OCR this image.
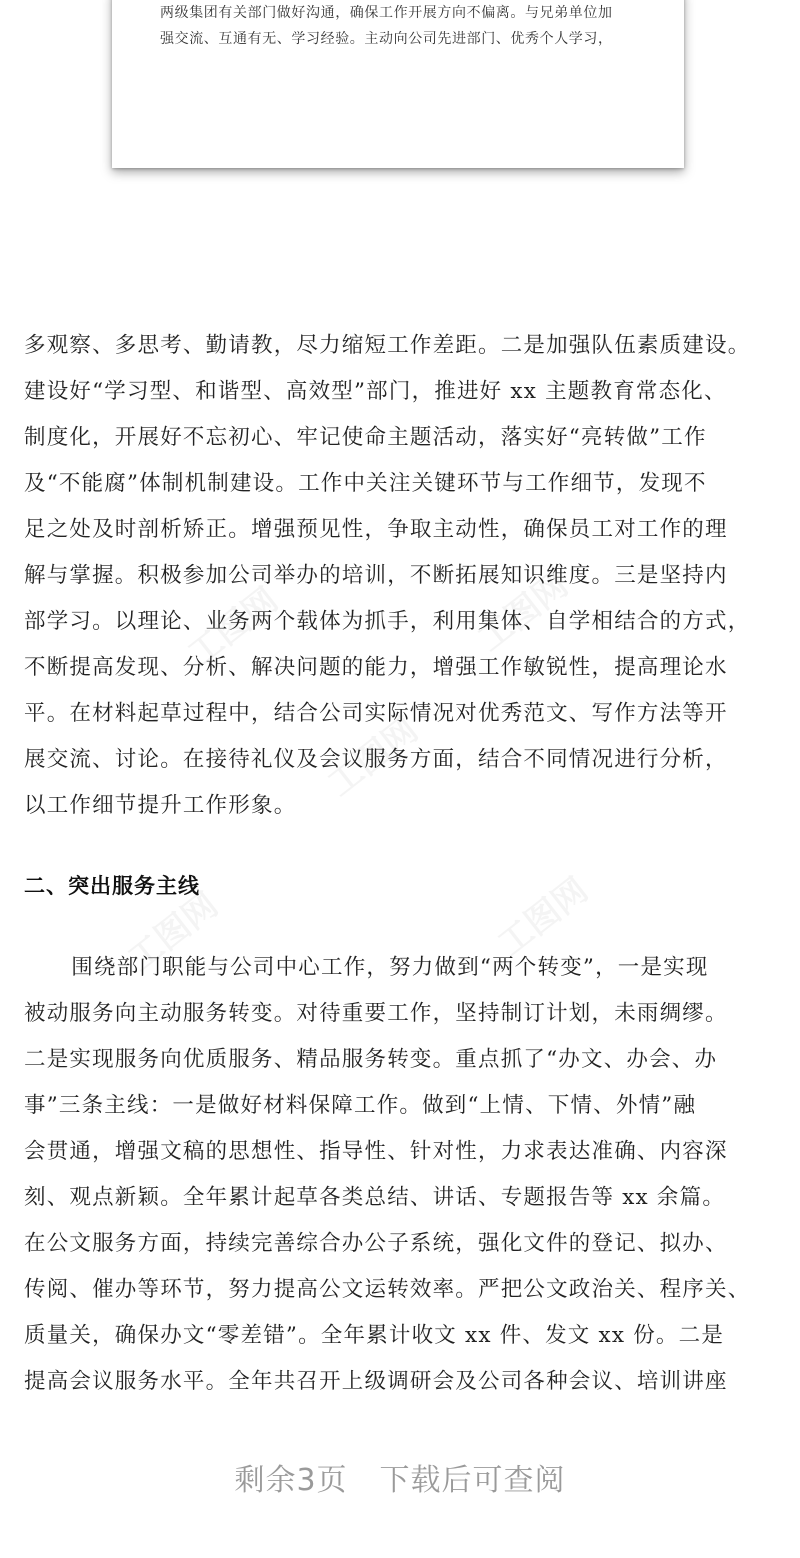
两级集团有关部门做好沟通，确保工作开展方向不偏离。与兄弟单位加
强交流、互通有无、学习经验。主动向公司先进部门、优秀个人学习，
多观察、多思考、勤请教，尽力缩短工作差距。二是加强队伍素质建设。
建设好“学习型、和谐型、高效型”部门，推进好 xx 主题教育常态化、
制度化，开展好不忘初心、牢记使命主题活动，落实好“亮转做”工作
及“不能腐”体制机制建设。工作中关注关键环节与工作细节，发现不
足之处及时剖析矫正。增强预见性，争取主动性，确保员工对工作的理
解与掌握。积极参加公司举办的培训，不断拓展知识维度。三是坚持内
部学习。以理论、业务两个载体为抓手，利用集体、自学相结合的方式，
不断提高发现、分析、解决问题的能力，增强工作敏锐性，提高理论水
平。在材料起草过程中，结合公司实际情况对优秀范文、写作方法等开
展交流、讨论。在接待礼仪及会议服务方面，结合不同情况进行分析，
以工作细节提升工作形象。
二、突出服务主线
围绕部门职能与公司中心工作，努力做到“两个转变”，一是实现
被动服务向主动服务转变。对待重要工作，坚持制订计划，未雨绸缪。
二是实现服务向优质服务、精品服务转变。重点抓了“办文、办会、办
事”三条主线：一是做好材料保障工作。做到“上情、下情、外情”融
会贯通，增强文稿的思想性、指导性、针对性，力求表达准确、内容深
刻、观点新颖。全年累计起草各类总结、讲话、专题报告等 xx 余篇。
在公文服务方面，持续完善综合办公子系统，强化文件的登记、拟办、
传阅、催办等环节，努力提高公文运转效率。严把公文政治关、程序关、
质量关，确保办文“零差错”。全年累计收文 xx 件、发文 xx 份。二是
提高会议服务水平。全年共召开上级调研会及公司各种会议、培训讲座
剩余3页 下载后可查阅
